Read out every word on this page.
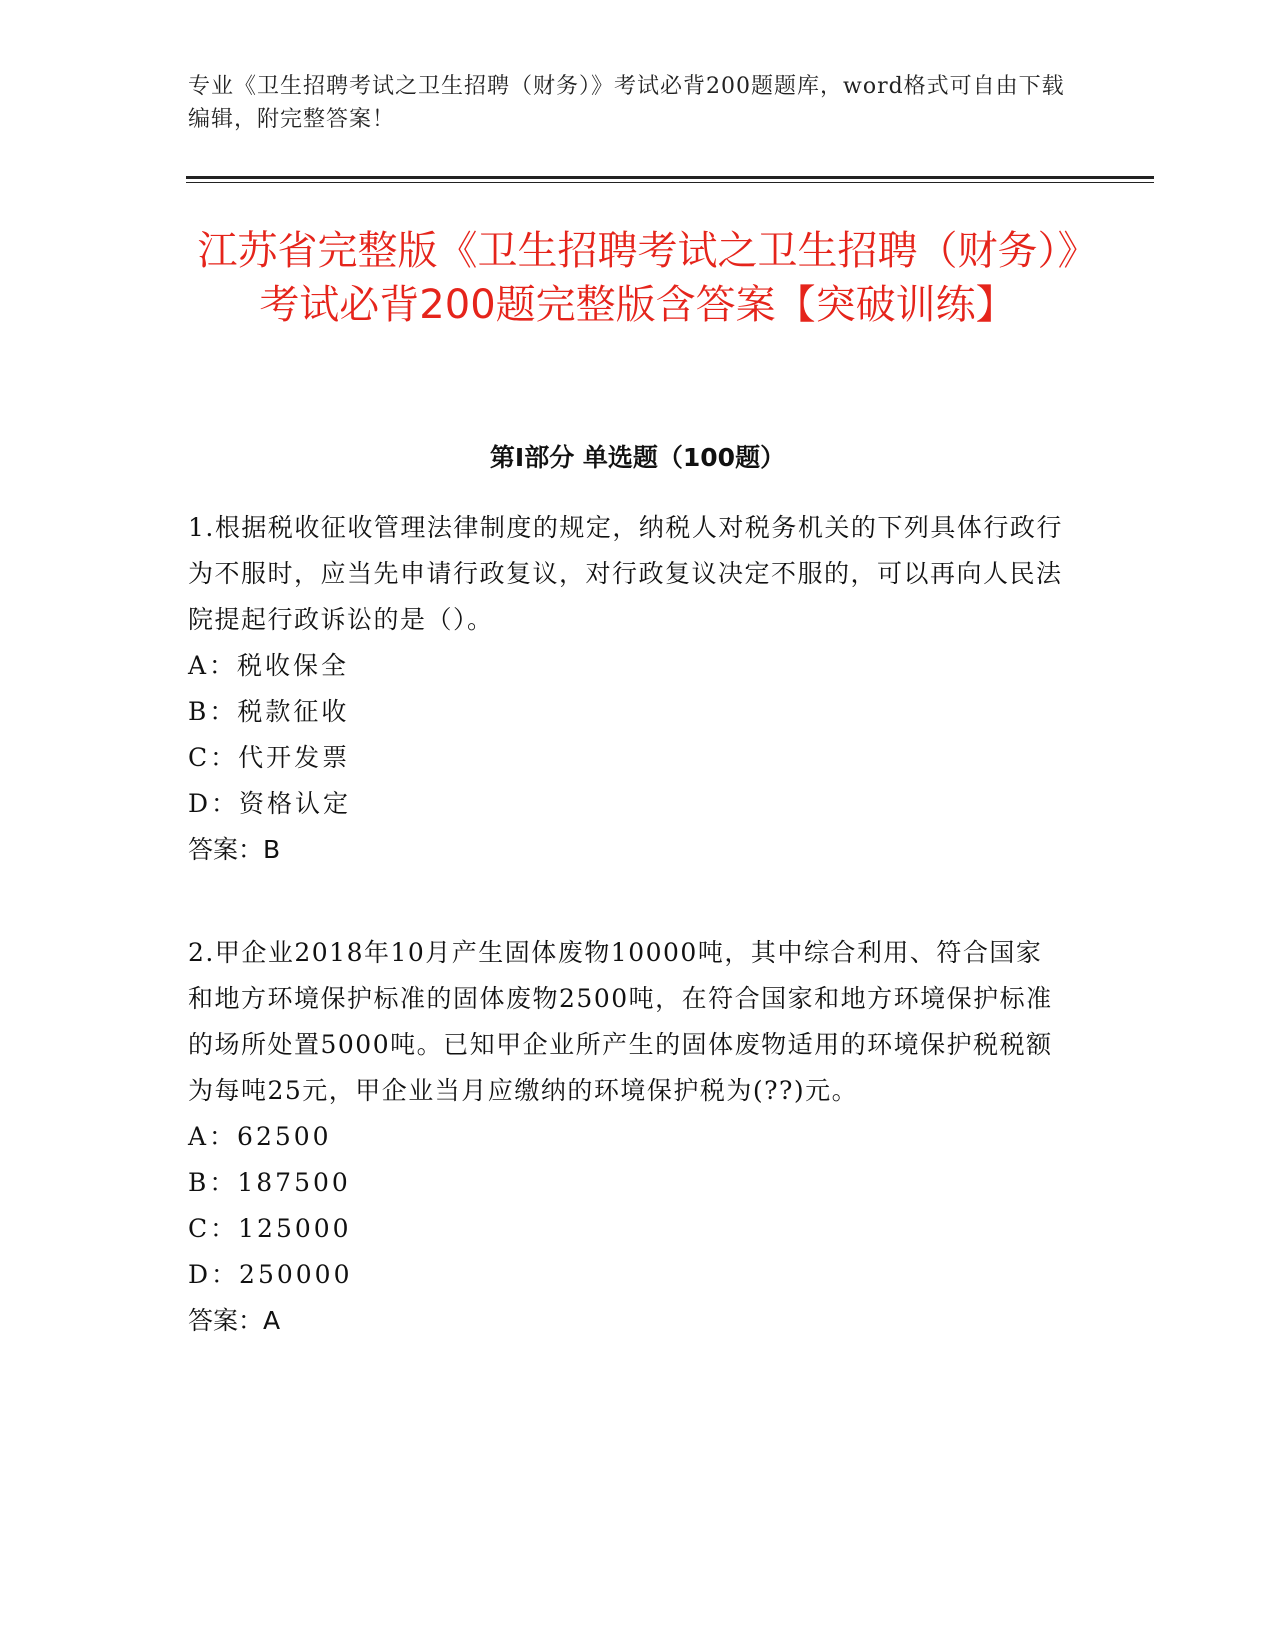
专业《卫生招聘考试之卫生招聘（财务）》考试必背200题题库，word格式可自由下载编辑，附完整答案！
江苏省完整版《卫生招聘考试之卫生招聘（财务）》考试必背200题完整版含答案【突破训练】
第I部分 单选题（100题）

1.根据税收征收管理法律制度的规定，纳税人对税务机关的下列具体行政行为不服时，应当先申请行政复议，对行政复议决定不服的，可以再向人民法院提起行政诉讼的是（）。

A：税收保全

B：税款征收

C：代开发票

D：资格认定

答案：B

2.甲企业2018年10月产生固体废物10000吨，其中综合利用、符合国家和地方环境保护标准的固体废物2500吨，在符合国家和地方环境保护标准的场所处置5000吨。已知甲企业所产生的固体废物适用的环境保护税税额为每吨25元，甲企业当月应缴纳的环境保护税为(??)元。

A：62500

B：187500

C：125000

D：250000

答案：A
